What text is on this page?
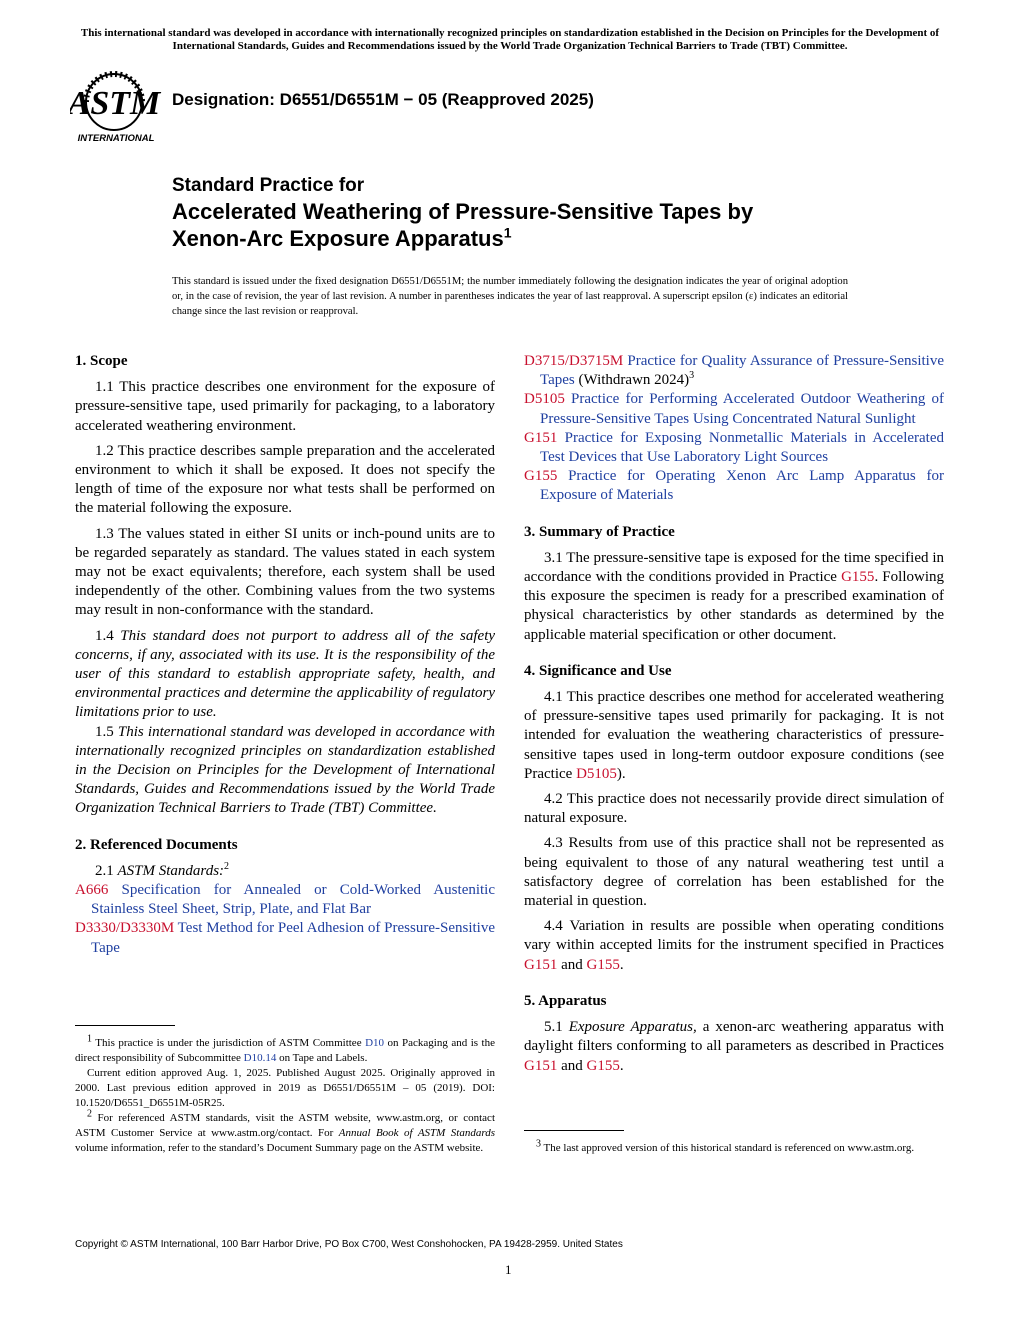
This international standard was developed in accordance with internationally recognized principles on standardization established in the Decision on Principles for the Development of International Standards, Guides and Recommendations issued by the World Trade Organization Technical Barriers to Trade (TBT) Committee.
ASTM
INTERNATIONAL
Designation: D6551/D6551M − 05 (Reapproved 2025)
Standard Practice for
Accelerated Weathering of Pressure-Sensitive Tapes by
Xenon-Arc Exposure Apparatus$^1$
This standard is issued under the fixed designation D6551/D6551M; the number immediately following the designation indicates the year of original adoption or, in the case of revision, the year of last revision. A number in parentheses indicates the year of last reapproval. A superscript epsilon (ε) indicates an editorial change since the last revision or reapproval.
1. Scope

1.1 This practice describes one environment for the exposure of pressure-sensitive tape, used primarily for packaging, to a laboratory accelerated weathering environment.

1.2 This practice describes sample preparation and the accelerated environment to which it shall be exposed. It does not specify the length of time of the exposure nor what tests shall be performed on the material following the exposure.

1.3 The values stated in either SI units or inch-pound units are to be regarded separately as standard. The values stated in each system may not be exact equivalents; therefore, each system shall be used independently of the other. Combining values from the two systems may result in non-conformance with the standard.

1.4 This standard does not purport to address all of the safety concerns, if any, associated with its use. It is the responsibility of the user of this standard to establish appropriate safety, health, and environmental practices and determine the applicability of regulatory limitations prior to use.

1.5 This international standard was developed in accordance with internationally recognized principles on standardization established in the Decision on Principles for the Development of International Standards, Guides and Recommendations issued by the World Trade Organization Technical Barriers to Trade (TBT) Committee.

2. Referenced Documents

2.1 ASTM Standards:$^2$

A666 Specification for Annealed or Cold-Worked Austenitic Stainless Steel Sheet, Strip, Plate, and Flat Bar

D3330/D3330M Test Method for Peel Adhesion of Pressure-Sensitive Tape

$^1$ This practice is under the jurisdiction of ASTM Committee D10 on Packaging and is the direct responsibility of Subcommittee D10.14 on Tape and Labels.

Current edition approved Aug. 1, 2025. Published August 2025. Originally approved in 2000. Last previous edition approved in 2019 as D6551/D6551M – 05 (2019). DOI: 10.1520/D6551_D6551M-05R25.

$^2$ For referenced ASTM standards, visit the ASTM website, www.astm.org, or contact ASTM Customer Service at www.astm.org/contact. For Annual Book of ASTM Standards volume information, refer to the standard’s Document Summary page on the ASTM website.

D3715/D3715M Practice for Quality Assurance of Pressure-Sensitive Tapes (Withdrawn 2024)$^3$

D5105 Practice for Performing Accelerated Outdoor Weathering of Pressure-Sensitive Tapes Using Concentrated Natural Sunlight

G151 Practice for Exposing Nonmetallic Materials in Accelerated Test Devices that Use Laboratory Light Sources

G155 Practice for Operating Xenon Arc Lamp Apparatus for Exposure of Materials

3. Summary of Practice

3.1 The pressure-sensitive tape is exposed for the time specified in accordance with the conditions provided in Practice G155. Following this exposure the specimen is ready for a prescribed examination of physical characteristics by other standards as determined by the applicable material specification or other document.

4. Significance and Use

4.1 This practice describes one method for accelerated weathering of pressure-sensitive tapes used primarily for packaging. It is not intended for evaluation the weathering characteristics of pressure-sensitive tapes used in long-term outdoor exposure conditions (see Practice D5105).

4.2 This practice does not necessarily provide direct simulation of natural exposure.

4.3 Results from use of this practice shall not be represented as being equivalent to those of any natural weathering test until a satisfactory degree of correlation has been established for the material in question.

4.4 Variation in results are possible when operating conditions vary within accepted limits for the instrument specified in Practices G151 and G155.

5. Apparatus

5.1 Exposure Apparatus, a xenon-arc weathering apparatus with daylight filters conforming to all parameters as described in Practices G151 and G155.

$^3$ The last approved version of this historical standard is referenced on www.astm.org.

Copyright © ASTM International, 100 Barr Harbor Drive, PO Box C700, West Conshohocken, PA 19428-2959. United States
1
